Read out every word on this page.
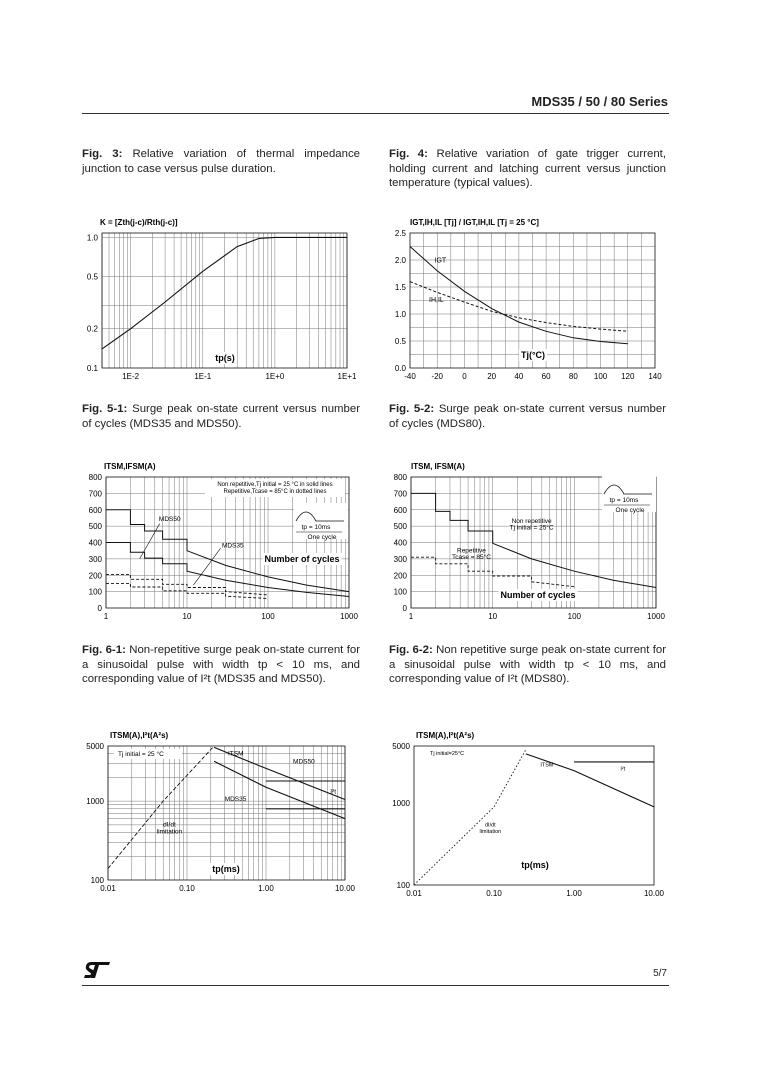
MDS35 / 50 / 80 Series
Fig. 3: Relative variation of thermal impedance junction to case versus pulse duration.
Fig. 4: Relative variation of gate trigger current, holding current and latching current versus junction temperature (typical values).
1E-2	1E-1	1E+0	1E+1
1.0
0.5
0.2
0.1
K = [Zth(j-c)/Rth(j-c)]
tp(s)
-40 -20 0	20 40 60 80 100 120 140
2.5
2.0
1.5
1.0
0.5
0.0
IGT,IH,IL [Tj] / IGT,IH,IL [Tj = 25 °C]
Tj(°C)
IGT
IH,IL
Fig. 5-1: Surge peak on-state current versus number of cycles (MDS35 and MDS50).
Fig. 5-2: Surge peak on-state current versus number of cycles (MDS80).
1	10	100	1000
800
700
600
500
400
300
200
100
0
ITSM,IFSM(A)
Number of cycles
Non repetitive,Tj initial = 25 °C in solid lines
Repetitive,Tcase = 85°C in dotted lines
MDS50
MDS35
tp = 10ms
One cycle
1	10	100	1000
800
700
600
500
400
300
200
100
0
ITSM, IFSM(A)
Number of cycles
Non repetitive
Tj initial = 25°C
Repetitive
Tcase = 85°C
tp = 10ms
One cycle
Fig. 6-1: Non-repetitive surge peak on-state current for a sinusoidal pulse with width tp < 10 ms, and corresponding value of I²t (MDS35 and MDS50).
Fig. 6-2: Non repetitive surge peak on-state current for a sinusoidal pulse with width tp < 10 ms, and corresponding value of I²t (MDS80).
0.01	0.10	1.00	10.00
5000
1000
100
ITSM(A),I²t(A²s)
tp(ms)
Tj initial = 25 °C	ITSM
MDS50
MDS35
I²t
dI/dt
limitation
0.01	0.10	1.00	10.00
5000
1000
100
ITSM(A),I²t(A²s)
tp(ms)
Tj initial=25°C
ITSM
I²t
dI/dt
limitation
5/7
